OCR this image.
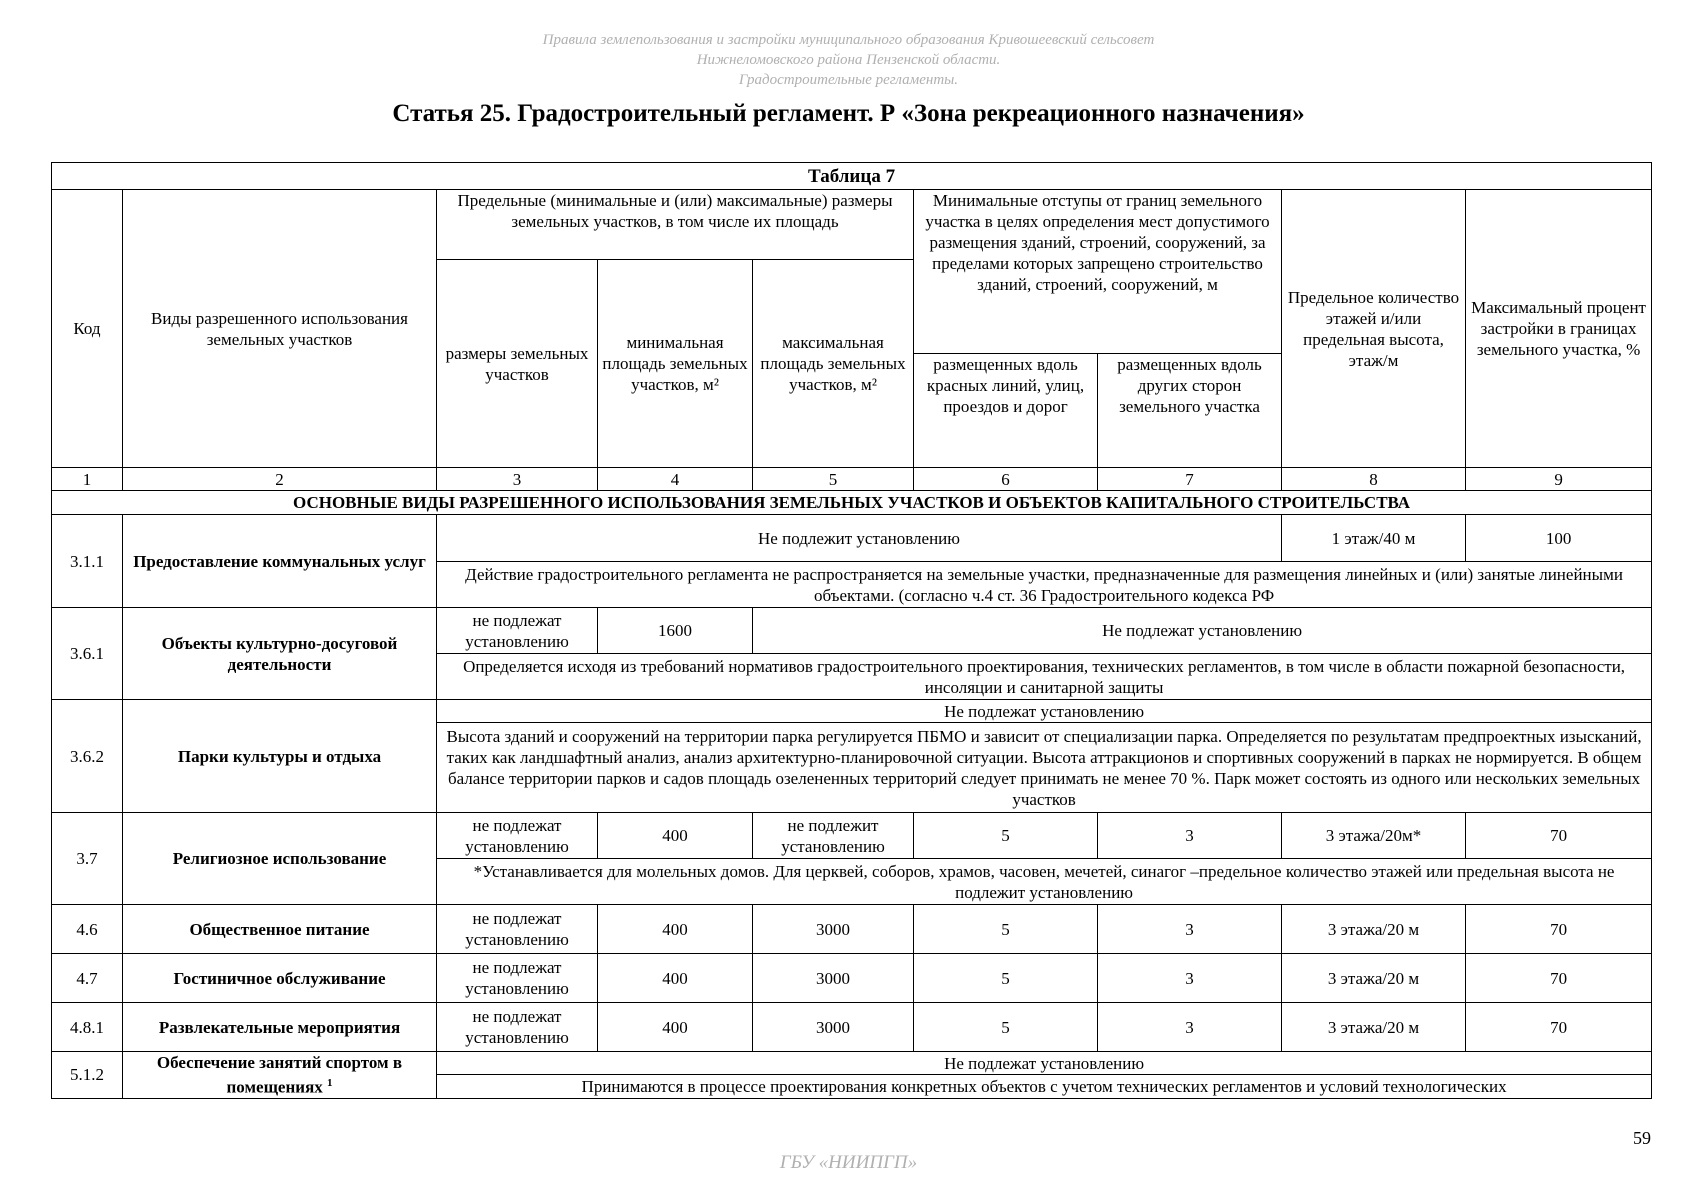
Правила землепользования и застройки муниципального образования Кривошеевский сельсовет
Нижнеломовского района Пензенской области.
Градостроительные регламенты.
Статья 25. Градостроительный регламент. Р «Зона рекреационного назначения»
Таблица 7								
Код	Виды разрешенного использования земельных участков	Предельные (минимальные и (или) максимальные) размеры земельных участков, в том числе их площадь			Минимальные отступы от границ земельного участка в целях определения мест допустимого размещения зданий, строений, сооружений, за пределами которых запрещено строительство зданий, строений, сооружений, м		Предельное количество этажей и/или предельная высота, этаж/м	Максимальный процент застройки в границах земельного участка, %
		размеры земельных участков	минимальная площадь земельных участков, м²	максимальная площадь земельных участков, м²				
					размещенных вдоль красных линий, улиц, проездов и дорог	размещенных вдоль других сторон земельного участка		
1	2	3	4	5	6	7	8	9
ОСНОВНЫЕ ВИДЫ РАЗРЕШЕННОГО ИСПОЛЬЗОВАНИЯ ЗЕМЕЛЬНЫХ УЧАСТКОВ И ОБЪЕКТОВ КАПИТАЛЬНОГО СТРОИТЕЛЬСТВА								
3.1.1	Предоставление коммунальных услуг	Не подлежит установлению					1 этаж/40 м	100
		Действие градостроительного регламента не распространяется на земельные участки, предназначенные для размещения линейных и (или) занятые линейными объектами. (согласно ч.4 ст. 36 Градостроительного кодекса РФ						
3.6.1	Объекты культурно-досуговой деятельности	не подлежат установлению	1600	Не подлежат установлению				
		Определяется исходя из требований нормативов градостроительного проектирования, технических регламентов, в том числе в области пожарной безопасности, инсоляции и санитарной защиты						
3.6.2	Парки культуры и отдыха	Не подлежат установлению						
		Высота зданий и сооружений на территории парка регулируется ПБМО и зависит от специализации парка. Определяется по результатам предпроектных изысканий, таких как ландшафтный анализ, анализ архитектурно-планировочной ситуации. Высота аттракционов и спортивных сооружений в парках не нормируется. В общем балансе территории парков и садов площадь озелененных территорий следует принимать не менее 70 %. Парк может состоять из одного или нескольких земельных участков						
3.7	Религиозное использование	не подлежат установлению	400	не подлежит установлению	5	3	3 этажа/20м*	70
		*Устанавливается для молельных домов. Для церквей, соборов, храмов, часовен, мечетей, синагог –предельное количество этажей или предельная высота не подлежит установлению						
4.6	Общественное питание	не подлежат установлению	400	3000	5	3	3 этажа/20 м	70
4.7	Гостиничное обслуживание	не подлежат установлению	400	3000	5	3	3 этажа/20 м	70
4.8.1	Развлекательные мероприятия	не подлежат установлению	400	3000	5	3	3 этажа/20 м	70
5.1.2	Обеспечение занятий спортом в помещениях $^1$	Не подлежат установлению						
		Принимаются в процессе проектирования конкретных объектов с учетом технических регламентов и условий технологических						
59
ГБУ «НИИПГП»
